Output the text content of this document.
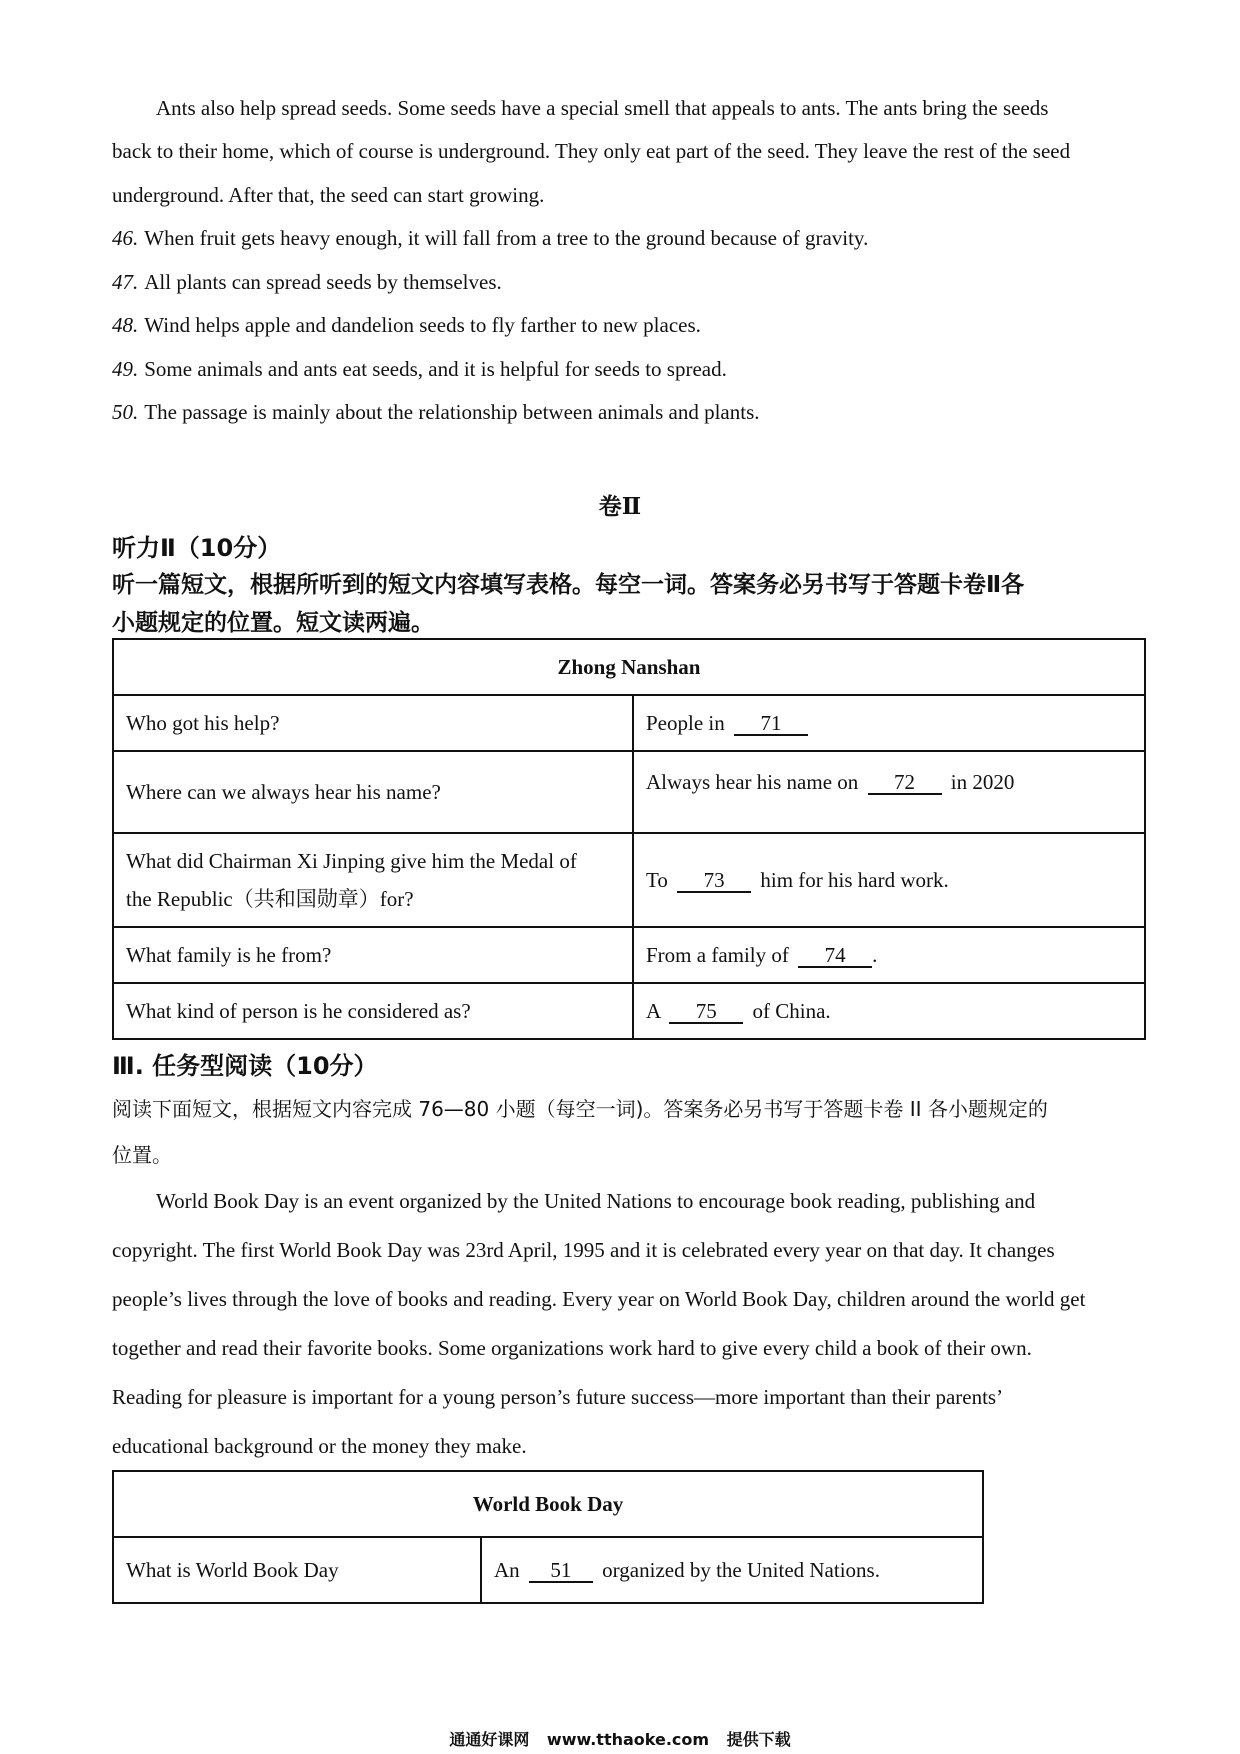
Ants also help spread seeds. Some seeds have a special smell that appeals to ants. The ants bring the seeds
back to their home, which of course is underground. They only eat part of the seed. They leave the rest of the seed
underground. After that, the seed can start growing.
46. When fruit gets heavy enough, it will fall from a tree to the ground because of gravity.
47. All plants can spread seeds by themselves.
48. Wind helps apple and dandelion seeds to fly farther to new places.
49. Some animals and ants eat seeds, and it is helpful for seeds to spread.
50. The passage is mainly about the relationship between animals and plants.
卷Ⅱ
听力Ⅱ（10分）
听一篇短文，根据所听到的短文内容填写表格。每空一词。答案务必另书写于答题卡卷Ⅱ各
小题规定的位置。短文读两遍。
Zhong Nanshan	
Who got his help?	People in 71
Where can we always hear his name?	Always hear his name on 72 in 2020

What did Chairman Xi Jinping give him the Medal of
the Republic（共和国勋章）for?	To 73 him for his hard work.
What family is he from?	From a family of 74 .
What kind of person is he considered as?	A 75 of China.
Ⅲ. 任务型阅读（10分）
阅读下面短文，根据短文内容完成 76—80 小题（每空一词)。答案务必另书写于答题卡卷 II 各小题规定的
位置。
World Book Day is an event organized by the United Nations to encourage book reading, publishing and
copyright. The first World Book Day was 23rd April, 1995 and it is celebrated every year on that day. It changes
people’s lives through the love of books and reading. Every year on World Book Day, children around the world get
together and read their favorite books. Some organizations work hard to give every child a book of their own.
Reading for pleasure is important for a young person’s future success—more important than their parents’
educational background or the money they make.
World Book Day
What is World Book Day	An 51 organized by the United Nations.
通通好课网 www.tthaoke.com 提供下载
